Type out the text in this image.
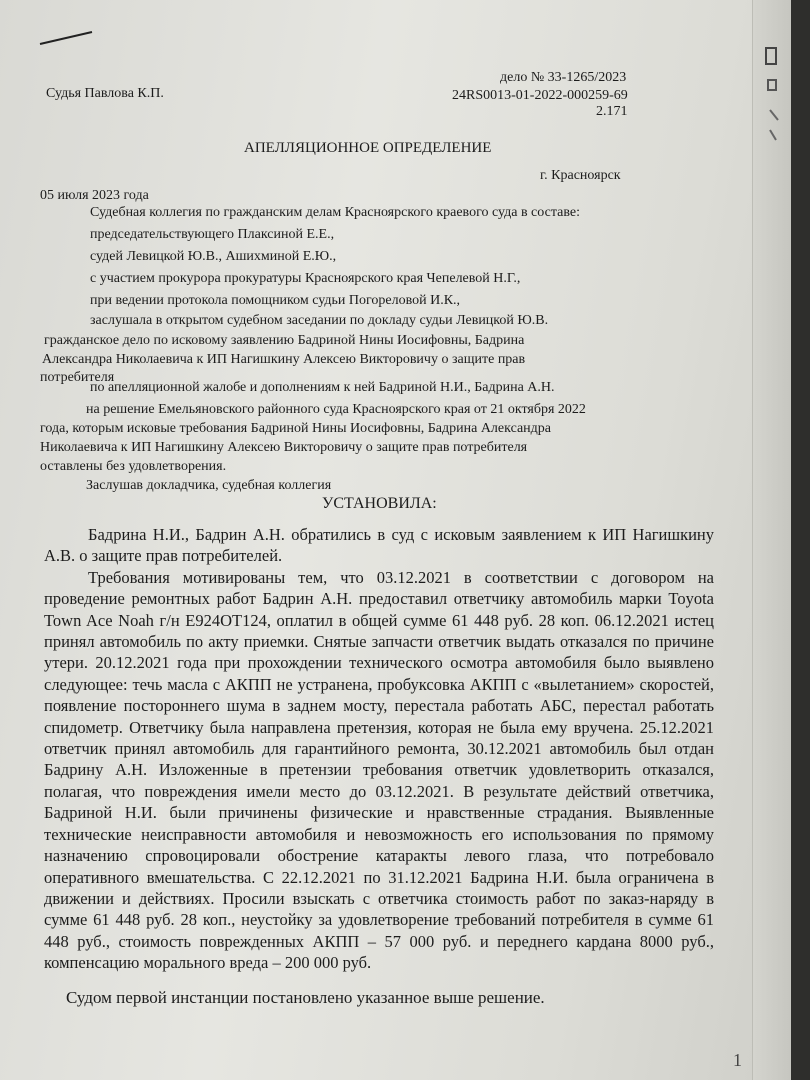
Судья Павлова К.П.
дело № 33-1265/2023
24RS0013-01-2022-000259-69
2.171
АПЕЛЛЯЦИОННОЕ ОПРЕДЕЛЕНИЕ
г. Красноярск
05 июля 2023 года
Судебная коллегия по гражданским делам Красноярского краевого суда в составе:
председательствующего Плаксиной Е.Е.,
судей Левицкой Ю.В., Ашихминой Е.Ю.,
с участием прокурора прокуратуры Красноярского края Чепелевой Н.Г.,
при ведении протокола помощником судьи Погореловой И.К.,
заслушала в открытом судебном заседании по докладу судьи Левицкой Ю.В.
гражданское дело по исковому заявлению Бадриной Нины Иосифовны, Бадрина
Александра Николаевича к ИП Нагишкину Алексею Викторовичу о защите прав
потребителя
по апелляционной жалобе и дополнениям к ней Бадриной Н.И., Бадрина А.Н.
на решение Емельяновского районного суда Красноярского края от 21 октября 2022
года, которым исковые требования Бадриной Нины Иосифовны, Бадрина Александра
Николаевича к ИП Нагишкину Алексею Викторовичу о защите прав потребителя
оставлены без удовлетворения.
Заслушав докладчика, судебная коллегия
УСТАНОВИЛА:

Бадрина Н.И., Бадрин А.Н. обратились в суд с исковым заявлением к ИП Нагишкину А.В. о защите прав потребителей.

Требования мотивированы тем, что 03.12.2021 в соответствии с договором на проведение ремонтных работ Бадрин А.Н. предоставил ответчику автомобиль марки Toyota Town Ace Noah г/н Е924ОТ124, оплатил в общей сумме 61 448 руб. 28 коп. 06.12.2021 истец принял автомобиль по акту приемки. Снятые запчасти ответчик выдать отказался по причине утери. 20.12.2021 года при прохождении технического осмотра автомобиля было выявлено следующее: течь масла с АКПП не устранена, пробуксовка АКПП с «вылетанием» скоростей, появление постороннего шума в заднем мосту, перестала работать АБС, перестал работать спидометр. Ответчику была направлена претензия, которая не была ему вручена. 25.12.2021 ответчик принял автомобиль для гарантийного ремонта, 30.12.2021 автомобиль был отдан Бадрину А.Н. Изложенные в претензии требования ответчик удовлетворить отказался, полагая, что повреждения имели место до 03.12.2021. В результате действий ответчика, Бадриной Н.И. были причинены физические и нравственные страдания. Выявленные технические неисправности автомобиля и невозможность его использования по прямому назначению спровоцировали обострение катаракты левого глаза, что потребовало оперативного вмешательства. С 22.12.2021 по 31.12.2021 Бадрина Н.И. была ограничена в движении и действиях. Просили взыскать с ответчика стоимость работ по заказ-наряду в сумме 61 448 руб. 28 коп., неустойку за удовлетворение требований потребителя в сумме 61 448 руб., стоимость поврежденных АКПП – 57 000 руб. и переднего кардана 8000 руб., компенсацию морального вреда – 200 000 руб.

Судом первой инстанции постановлено указанное выше решение.
1
